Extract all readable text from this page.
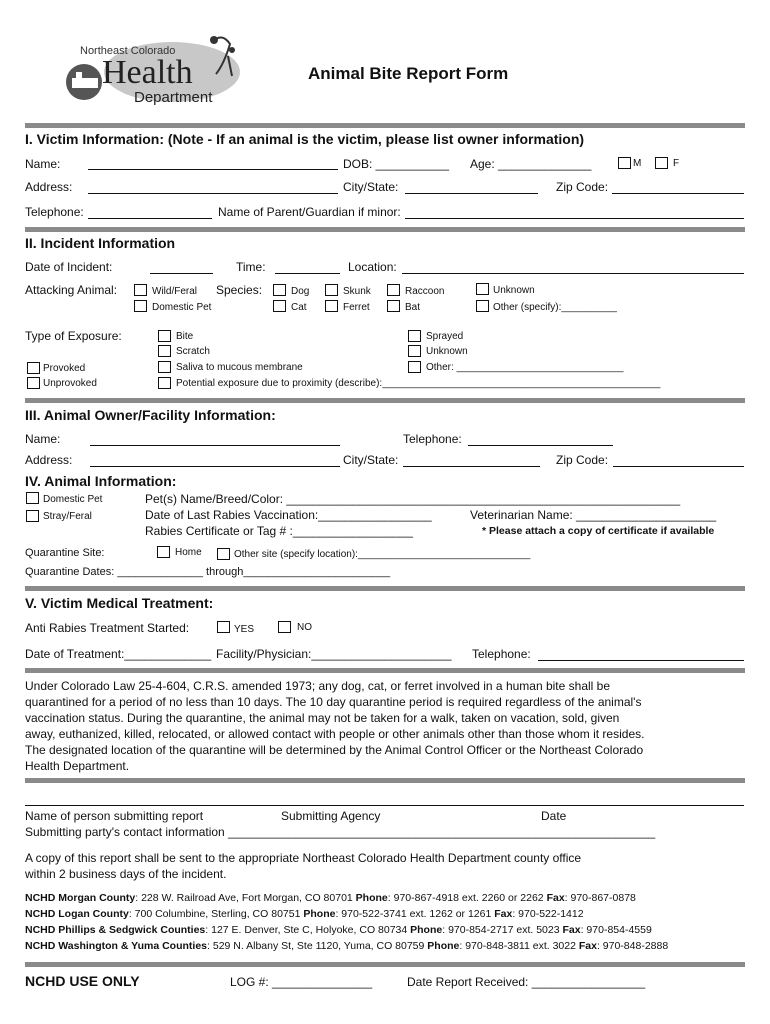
Northeast Colorado
Health
Department
Animal Bite Report Form
I. Victim Information: (Note - If an animal is the victim, please list owner information)
Name:	DOB: ___________ Age: ______________	M	F
Address:	City/State:	Zip Code:
Telephone:	Name of Parent/Guardian if minor:
II. Incident Information
Date of Incident:	Time:	Location:
Attacking Animal:	Wild/Feral
Domestic Pet
Species:	Dog
Cat
Skunk
Ferret
Raccoon
Bat
Unknown
Other (specify):__________
Type of Exposure:	Bite
Scratch
Saliva to mucous membrane
Potential exposure due to proximity (describe):__________________________________________________
Provoked
Unprovoked
Sprayed
Unknown
Other: ______________________________
III. Animal Owner/Facility Information:
Name:	Telephone:
Address:	City/State:	Zip Code:
IV. Animal Information:
Domestic Pet
Stray/Feral
Pet(s) Name/Breed/Color: ___________________________________________________________
Date of Last Rabies Vaccination:_________________	Veterinarian Name: _____________________
Rabies Certificate or Tag # :__________________	* Please attach a copy of certificate if available
Quarantine Site:	Home	Other site (specify location):_______________________________
Quarantine Dates: ______________ through________________________
V. Victim Medical Treatment:
Anti Rabies Treatment Started:	YES	NO
Date of Treatment:_____________ Facility/Physician:_____________________ Telephone:
Under Colorado Law 25-4-604, C.R.S. amended 1973; any dog, cat, or ferret involved in a human bite shall be quarantined for a period of no less than 10 days. The 10 day quarantine period is required regardless of the animal's vaccination status. During the quarantine, the animal may not be taken for a walk, taken on vacation, sold, given away, euthanized, killed, relocated, or allowed contact with people or other animals other than those whom it resides. The designated location of the quarantine will be determined by the Animal Control Officer or the Northeast Colorado Health Department.
Name of person submitting report	Submitting Agency	Date
Submitting party's contact information ________________________________________________________________
A copy of this report shall be sent to the appropriate Northeast Colorado Health Department county office
within 2 business days of the incident.
NCHD Morgan County: 228 W. Railroad Ave, Fort Morgan, CO 80701 Phone: 970-867-4918 ext. 2260 or 2262 Fax: 970-867-0878
NCHD Logan County: 700 Columbine, Sterling, CO 80751 Phone: 970-522-3741 ext. 1262 or 1261 Fax: 970-522-1412
NCHD Phillips & Sedgwick Counties: 127 E. Denver, Ste C, Holyoke, CO 80734 Phone: 970-854-2717 ext. 5023 Fax: 970-854-4559
NCHD Washington & Yuma Counties: 529 N. Albany St, Ste 1120, Yuma, CO 80759 Phone: 970-848-3811 ext. 3022 Fax: 970-848-2888
NCHD USE ONLY	LOG #: _______________	Date Report Received: _________________
